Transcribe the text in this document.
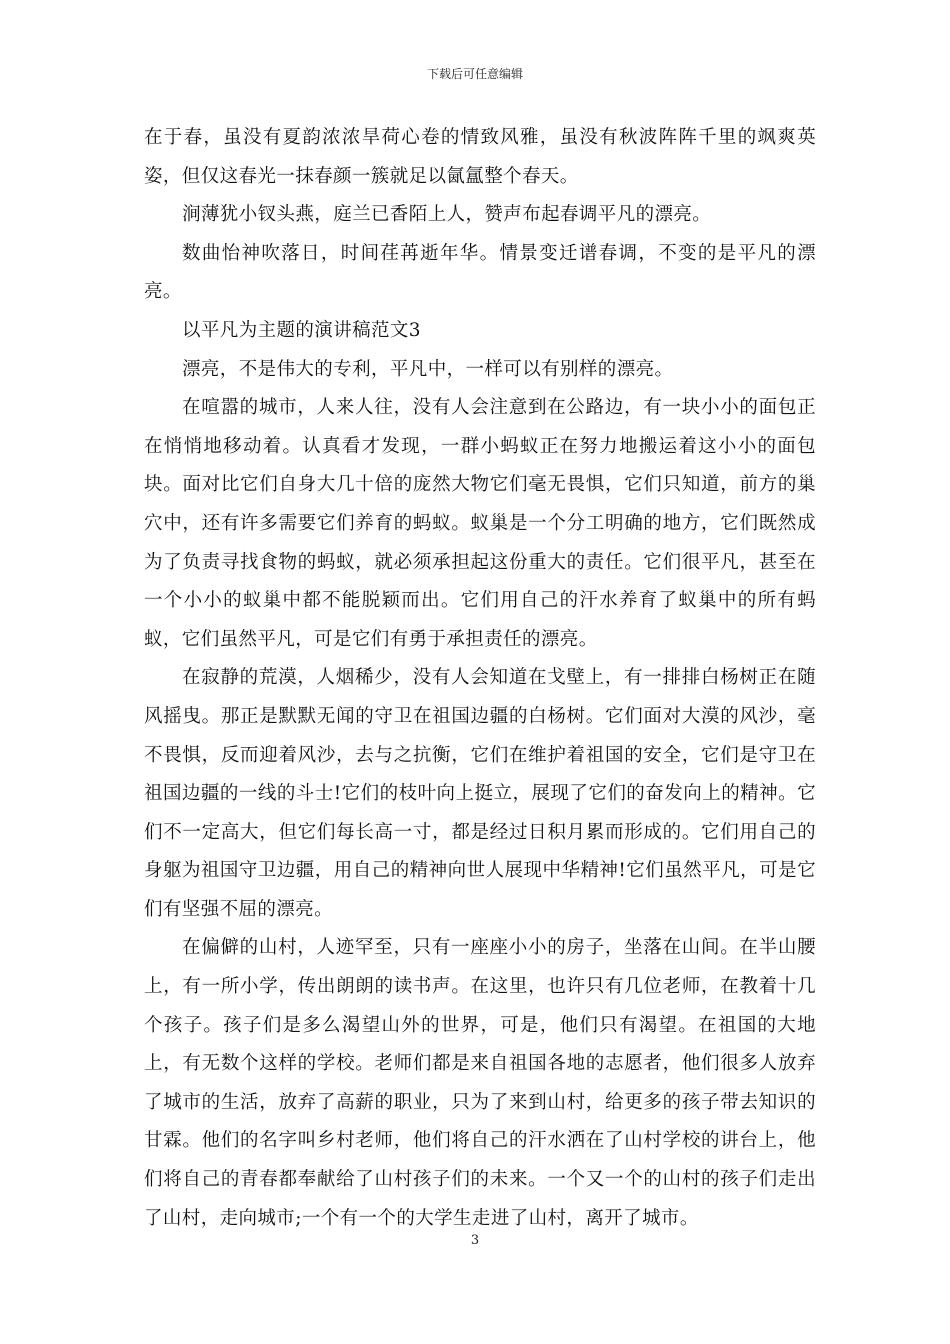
下载后可任意编辑

在于春，虽没有夏韵浓浓旱荷心卷的情致风雅，虽没有秋波阵阵千里的飒爽英姿，但仅这春光一抹春颜一簇就足以氤氲整个春天。

涧薄犹小钗头燕，庭兰已香陌上人，赞声布起春调平凡的漂亮。

数曲怡神吹落日，时间荏苒逝年华。情景变迁谱春调，不变的是平凡的漂亮。

以平凡为主题的演讲稿范文3

漂亮，不是伟大的专利，平凡中，一样可以有别样的漂亮。

在喧嚣的城市，人来人往，没有人会注意到在公路边，有一块小小的面包正在悄悄地移动着。认真看才发现，一群小蚂蚁正在努力地搬运着这小小的面包块。面对比它们自身大几十倍的庞然大物它们毫无畏惧，它们只知道，前方的巢穴中，还有许多需要它们养育的蚂蚁。蚁巢是一个分工明确的地方，它们既然成为了负责寻找食物的蚂蚁，就必须承担起这份重大的责任。它们很平凡，甚至在一个小小的蚁巢中都不能脱颖而出。它们用自己的汗水养育了蚁巢中的所有蚂蚁，它们虽然平凡，可是它们有勇于承担责任的漂亮。

在寂静的荒漠，人烟稀少，没有人会知道在戈壁上，有一排排白杨树正在随风摇曳。那正是默默无闻的守卫在祖国边疆的白杨树。它们面对大漠的风沙，毫不畏惧，反而迎着风沙，去与之抗衡，它们在维护着祖国的安全，它们是守卫在祖国边疆的一线的斗士!它们的枝叶向上挺立，展现了它们的奋发向上的精神。它们不一定高大，但它们每长高一寸，都是经过日积月累而形成的。它们用自己的身躯为祖国守卫边疆，用自己的精神向世人展现中华精神!它们虽然平凡，可是它们有坚强不屈的漂亮。

在偏僻的山村，人迹罕至，只有一座座小小的房子，坐落在山间。在半山腰上，有一所小学，传出朗朗的读书声。在这里，也许只有几位老师，在教着十几个孩子。孩子们是多么渴望山外的世界，可是，他们只有渴望。在祖国的大地上，有无数个这样的学校。老师们都是来自祖国各地的志愿者，他们很多人放弃了城市的生活，放弃了高薪的职业，只为了来到山村，给更多的孩子带去知识的甘霖。他们的名字叫乡村老师，他们将自己的汗水洒在了山村学校的讲台上，他们将自己的青春都奉献给了山村孩子们的未来。一个又一个的山村的孩子们走出了山村，走向城市;一个有一个的大学生走进了山村，离开了城市。

3
